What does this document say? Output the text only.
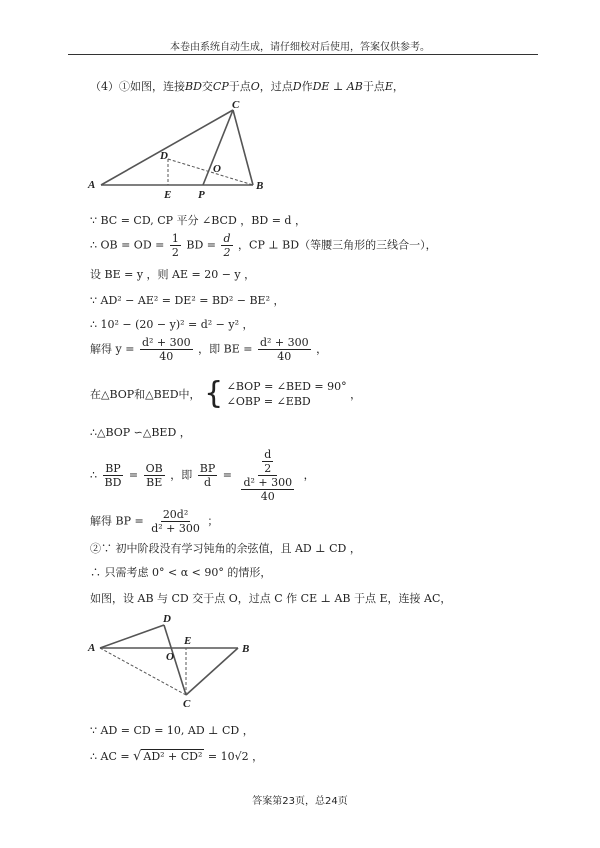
本卷由系统自动生成，请仔细校对后使用，答案仅供参考。
（4）①如图，连接BD交CP于点O，过点D作DE ⊥ AB于点E，
A	B
C
D
E P
O
∵ BC = CD, CP 平分 ∠BCD ，BD = d ，
∴ OB = OD = $\frac{1}{2}$ BD = $\frac{d}{2}$ ，CP ⊥ BD（等腰三角形的三线合一），
设 BE = y ，则 AE = 20 − y ，
∵ AD² − AE² = DE² = BD² − BE² ，
∴ 10² − (20 − y)² = d² − y² ，
解得 $y = \frac{\text{d² + 300}}{40}$ ，即 BE = $\frac{\text{d² + 300}}{40}$ ，
在△BOP和△BED中， { ∠BOP = ∠BED = 90°
∠OBP = ∠EBD
，
∴△BOP ∽△BED ，
∴ $\frac{BP}{BD} = \frac{OB}{BE}$ ，即 $\frac{BP}{d} = \frac{\frac{d}{2}}{\frac{\text{d² + 300}}{40}}$ ，
解得 BP = $\frac{\text{20d²}}{\text{d² + 300}}$ ；
②∵ 初中阶段没有学习钝角的余弦值，且 AD ⊥ CD ，
∴ 只需考虑 0° < α < 90° 的情形，
如图，设 AB 与 CD 交于点 O，过点 C 作 CE ⊥ AB 于点 E，连接 AC，
A	B
C
D
E
O
∵ AD = CD = 10, AD ⊥ CD ，
∴ AC = √ AD² + CD² = 10√2 ，
答案第23页，总24页
